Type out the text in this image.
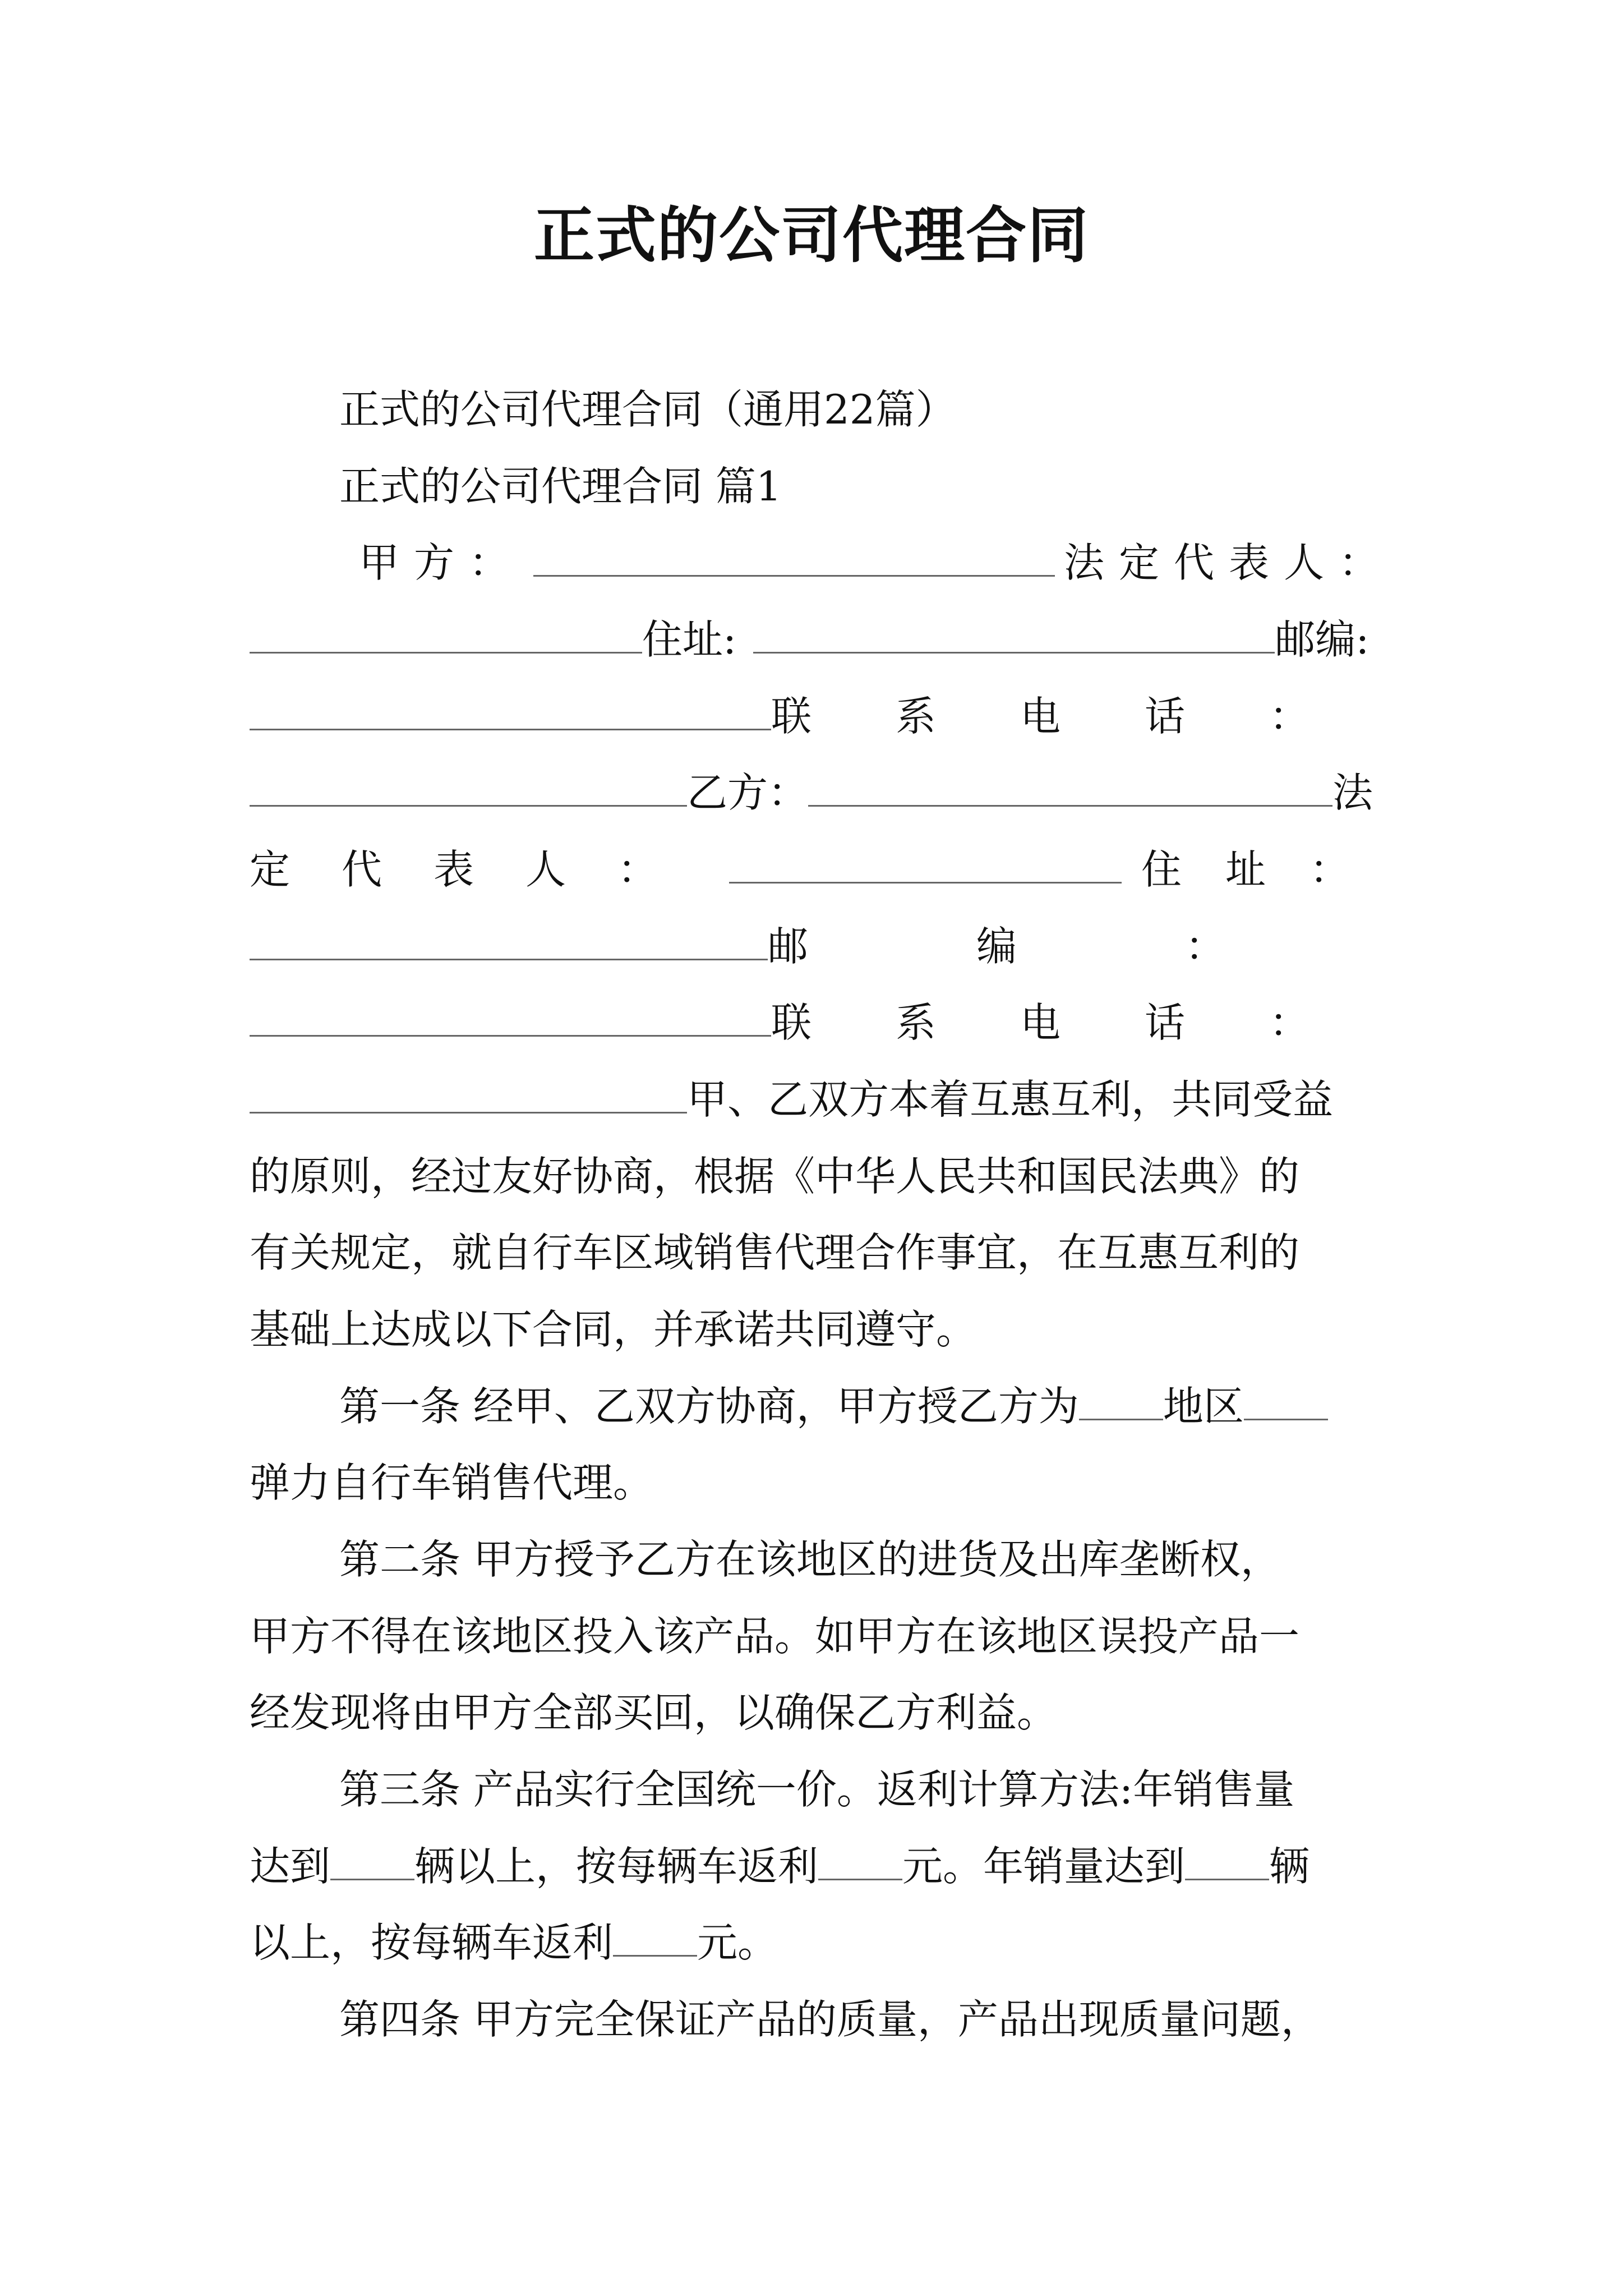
正式的公司代理合同
正式的公司代理合同（通用22篇）
正式的公司代理合同 篇1
甲方：	法定代表人：
住址:	邮编:
联系电话：
乙方：	法
定代表人：	住址：
邮编：
联系电话：
甲、乙双方本着互惠互利，共同受益
的原则，经过友好协商，根据《中华人民共和国民法典》的
有关规定，就自行车区域销售代理合作事宜，在互惠互利的
基础上达成以下合同，并承诺共同遵守。
第一条 经甲、乙双方协商，甲方授乙方为 地区
弹力自行车销售代理。
第二条 甲方授予乙方在该地区的进货及出库垄断权，
甲方不得在该地区投入该产品。如甲方在该地区误投产品一
经发现将由甲方全部买回，以确保乙方利益。
第三条 产品实行全国统一价。返利计算方法:年销售量
达到 辆以上，按每辆车返利 元。年销量达到 辆
以上，按每辆车返利 元。
第四条 甲方完全保证产品的质量，产品出现质量问题，
